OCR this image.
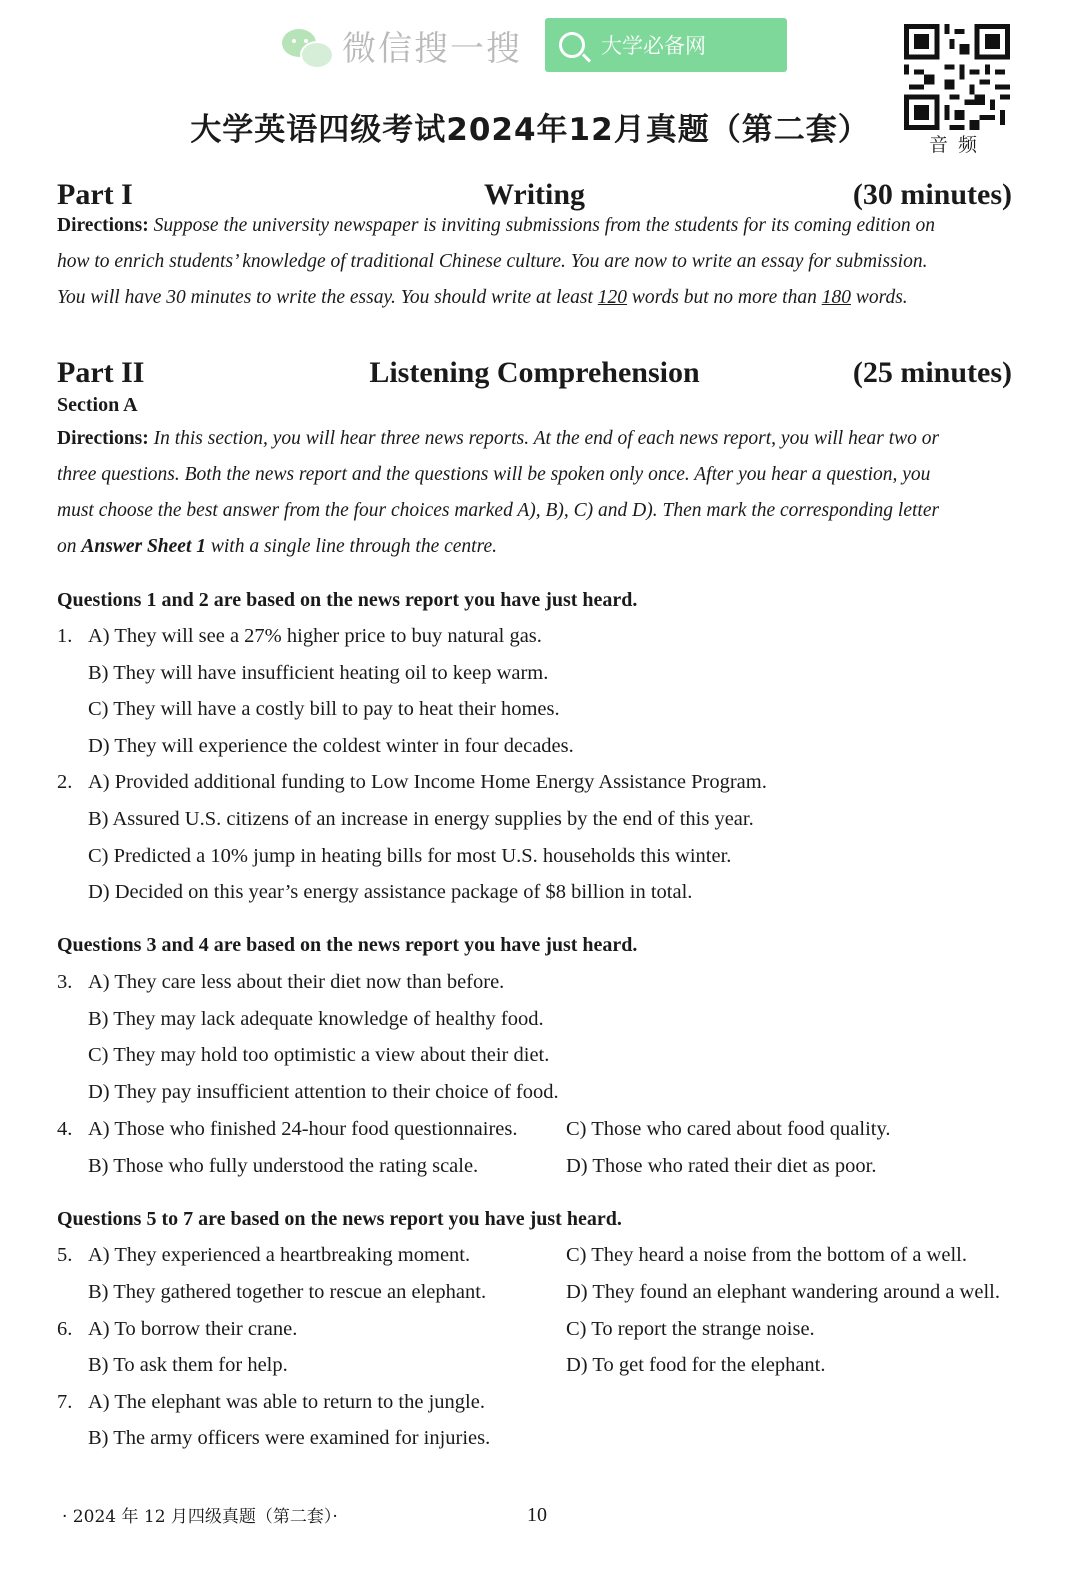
微信搜一搜	大学必备网
音频
大学英语四级考试2024年12月真题（第二套）
Part I	Writing	(30 minutes)
Directions: Suppose the university newspaper is inviting submissions from the students for its coming edition on
how to enrich students’ knowledge of traditional Chinese culture. You are now to write an essay for submission.
You will have 30 minutes to write the essay. You should write at least 120 words but no more than 180 words.
Part II	Listening Comprehension	(25 minutes)
Section A
Directions: In this section, you will hear three news reports. At the end of each news report, you will hear two or
three questions. Both the news report and the questions will be spoken only once. After you hear a question, you
must choose the best answer from the four choices marked A), B), C) and D). Then mark the corresponding letter
on Answer Sheet 1 with a single line through the centre.
Questions 1 and 2 are based on the news report you have just heard.
1. A) They will see a 27% higher price to buy natural gas.
B) They will have insufficient heating oil to keep warm.
C) They will have a costly bill to pay to heat their homes.
D) They will experience the coldest winter in four decades.
2. A) Provided additional funding to Low Income Home Energy Assistance Program.
B) Assured U.S. citizens of an increase in energy supplies by the end of this year.
C) Predicted a 10% jump in heating bills for most U.S. households this winter.
D) Decided on this year’s energy assistance package of $8 billion in total.
Questions 3 and 4 are based on the news report you have just heard.
3. A) They care less about their diet now than before.
B) They may lack adequate knowledge of healthy food.
C) They may hold too optimistic a view about their diet.
D) They pay insufficient attention to their choice of food.
4. A) Those who finished 24-hour food questionnaires. C) Those who cared about food quality.
B) Those who fully understood the rating scale.	D) Those who rated their diet as poor.
Questions 5 to 7 are based on the news report you have just heard.
5. A) They experienced a heartbreaking moment.	C) They heard a noise from the bottom of a well.
B) They gathered together to rescue an elephant.	D) They found an elephant wandering around a well.
6. A) To borrow their crane.	C) To report the strange noise.
B) To ask them for help.	D) To get food for the elephant.
7. A) The elephant was able to return to the jungle.
B) The army officers were examined for injuries.
· 2024 年 12 月四级真题（第二套）·	10
